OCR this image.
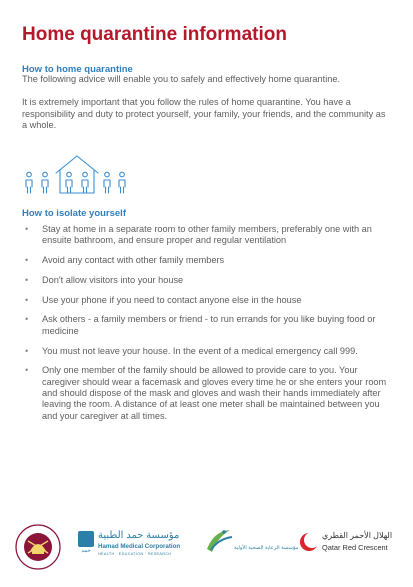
Home quarantine information
How to home quarantine
The following advice will enable you to safely and effectively home quarantine.
It is extremely important that you follow the rules of home quarantine. You have a responsibility and duty to protect yourself, your family, your friends, and the community as a whole.
How to isolate yourself
• Stay at home in a separate room to other family members, preferably one with an ensuite bathroom, and ensure proper and regular ventilation
• Avoid any contact with other family members
• Don't allow visitors into your house
• Use your phone if you need to contact anyone else in the house
• Ask others - a family members or friend - to run errands for you like buying food or medicine
• You must not leave your house. In the event of a medical emergency call 999.
• Only one member of the family should be allowed to provide care to you. Your caregiver should wear a facemask and gloves every time he or she enters your room and should dispose of the mask and gloves and wash their hands immediately after leaving the room. A distance of at least one meter shall be maintained between you and your caregiver at all times.
حمد
مؤسسة حمد الطبية
Hamad Medical Corporation
HEALTH · EDUCATION · RESEARCH
مؤسسة الرعاية الصحية الأولية
الهلال الأحمر القطري
Qatar Red Crescent
